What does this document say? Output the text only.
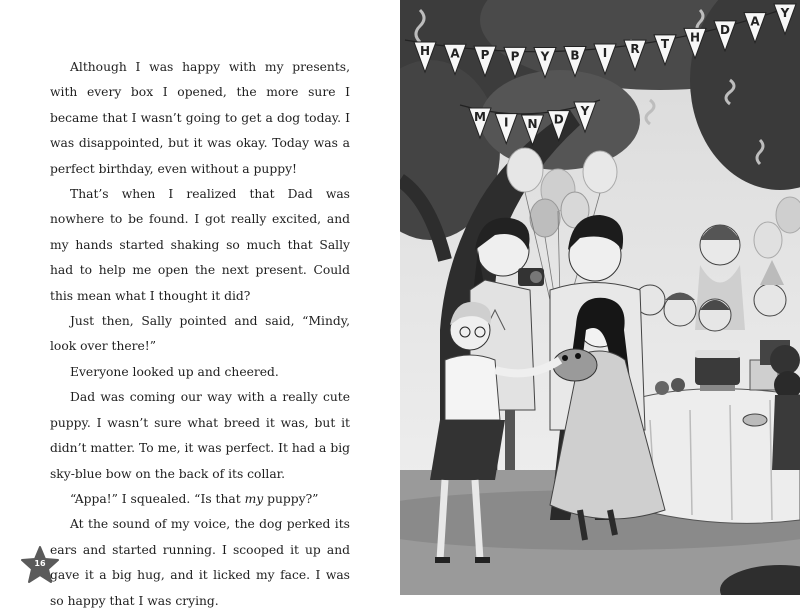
Although I was happy with my presents, with every box I opened, the more sure I became that I wasn’t going to get a dog today. I was disappointed, but it was okay. Today was a perfect birthday, even without a puppy!

That’s when I realized that Dad was nowhere to be found. I got really excited, and my hands started shaking so much that Sally had to help me open the next present. Could this mean what I thought it did?

Just then, Sally pointed and said, “Mindy, look over there!”

Everyone looked up and cheered.

Dad was coming our way with a really cute puppy. I wasn’t sure what breed it was, but it didn’t matter. To me, it was perfect. It had a big sky-blue bow on the back of its collar.

“Appa!” I squealed. “Is that my puppy?”

At the sound of my voice, the dog perked its ears and started running. I scooped it up and gave it a big hug, and it licked my face. I was so happy that I was crying.

16
H A P P Y B I R T H
D
A
Y
M I N D
Y
